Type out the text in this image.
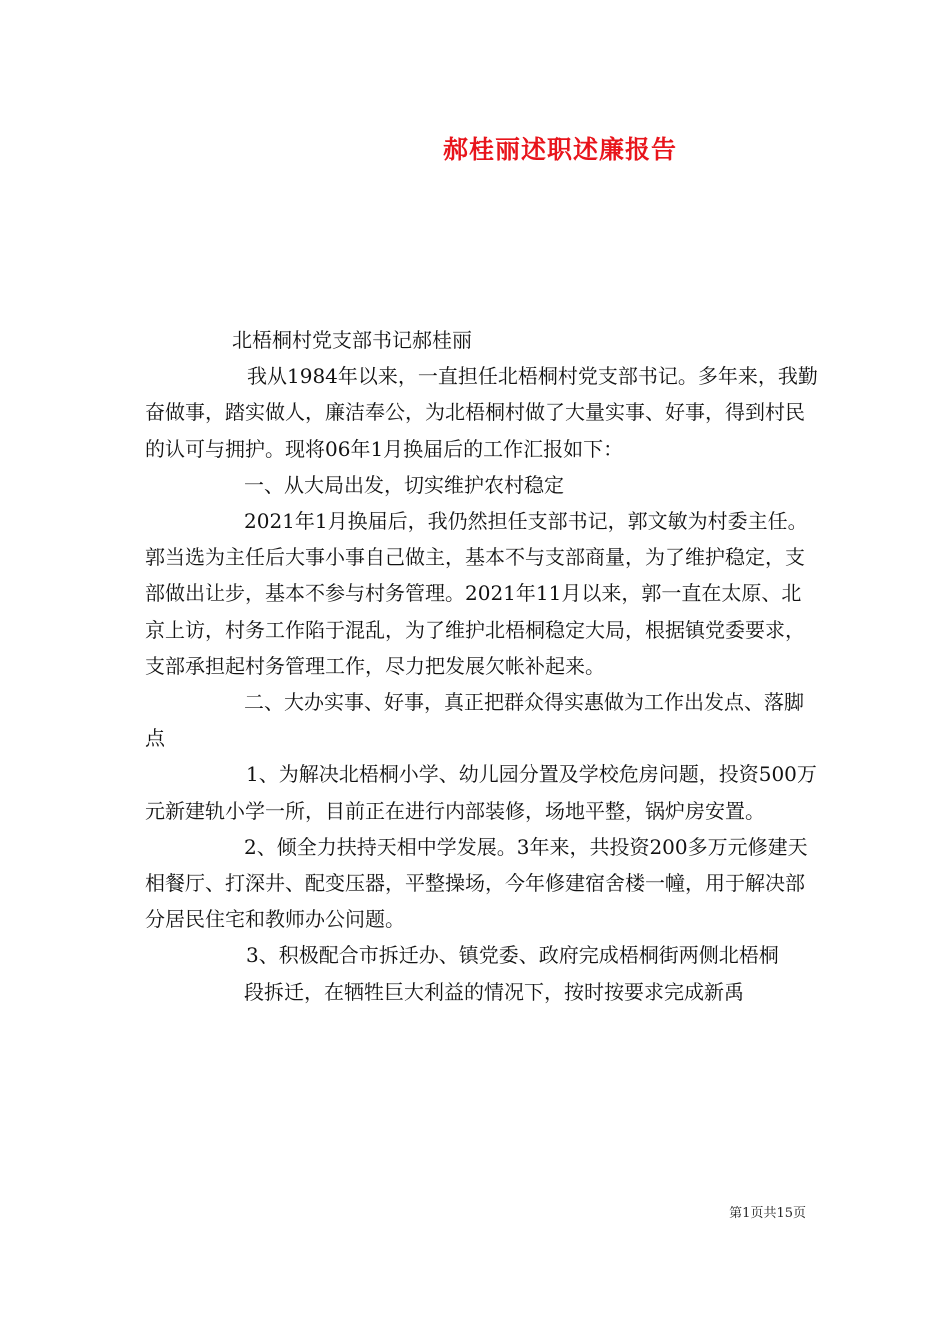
郝桂丽述职述廉报告

北梧桐村党支部书记郝桂丽

我从1984年以来，一直担任北梧桐村党支部书记。多年来，我勤奋做事，踏实做人，廉洁奉公，为北梧桐村做了大量实事、好事，得到村民的认可与拥护。现将06年1月换届后的工作汇报如下：

一、从大局出发，切实维护农村稳定

2021年1月换届后，我仍然担任支部书记，郭文敏为村委主任。郭当选为主任后大事小事自己做主，基本不与支部商量，为了维护稳定，支部做出让步，基本不参与村务管理。2021年11月以来，郭一直在太原、北京上访，村务工作陷于混乱，为了维护北梧桐稳定大局，根据镇党委要求，支部承担起村务管理工作，尽力把发展欠帐补起来。

二、大办实事、好事，真正把群众得实惠做为工作出发点、落脚点

1、为解决北梧桐小学、幼儿园分置及学校危房问题，投资500万元新建轨小学一所，目前正在进行内部装修，场地平整，锅炉房安置。

2、倾全力扶持天相中学发展。3年来，共投资200多万元修建天相餐厅、打深井、配变压器，平整操场，今年修建宿舍楼一幢，用于解决部分居民住宅和教师办公问题。

3、积极配合市拆迁办、镇党委、政府完成梧桐街两侧北梧桐

段拆迁，在牺牲巨大利益的情况下，按时按要求完成新禹

第1页共15页
